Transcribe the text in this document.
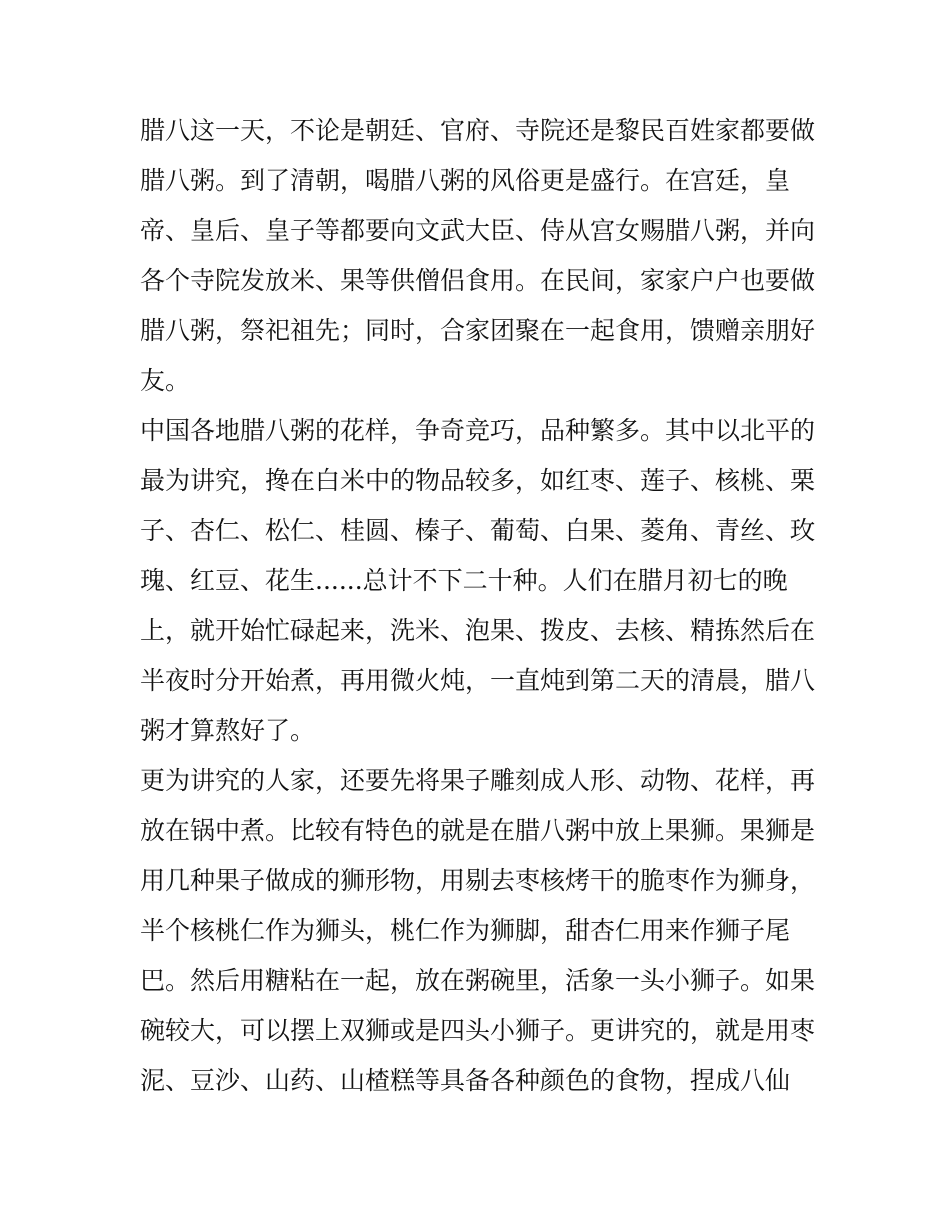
腊八这一天，不论是朝廷、官府、寺院还是黎民百姓家都要做
腊八粥。到了清朝，喝腊八粥的风俗更是盛行。在宫廷，皇
帝、皇后、皇子等都要向文武大臣、侍从宫女赐腊八粥，并向
各个寺院发放米、果等供僧侣食用。在民间，家家户户也要做
腊八粥，祭祀祖先；同时，合家团聚在一起食用，馈赠亲朋好
友。
中国各地腊八粥的花样，争奇竞巧，品种繁多。其中以北平的
最为讲究，搀在白米中的物品较多，如红枣、莲子、核桃、栗
子、杏仁、松仁、桂圆、榛子、葡萄、白果、菱角、青丝、玫
瑰、红豆、花生......总计不下二十种。人们在腊月初七的晚
上，就开始忙碌起来，洗米、泡果、拨皮、去核、精拣然后在
半夜时分开始煮，再用微火炖，一直炖到第二天的清晨，腊八
粥才算熬好了。
更为讲究的人家，还要先将果子雕刻成人形、动物、花样，再
放在锅中煮。比较有特色的就是在腊八粥中放上果狮。果狮是
用几种果子做成的狮形物，用剔去枣核烤干的脆枣作为狮身，
半个核桃仁作为狮头，桃仁作为狮脚，甜杏仁用来作狮子尾
巴。然后用糖粘在一起，放在粥碗里，活象一头小狮子。如果
碗较大，可以摆上双狮或是四头小狮子。更讲究的，就是用枣
泥、豆沙、山药、山楂糕等具备各种颜色的食物，捏成八仙
